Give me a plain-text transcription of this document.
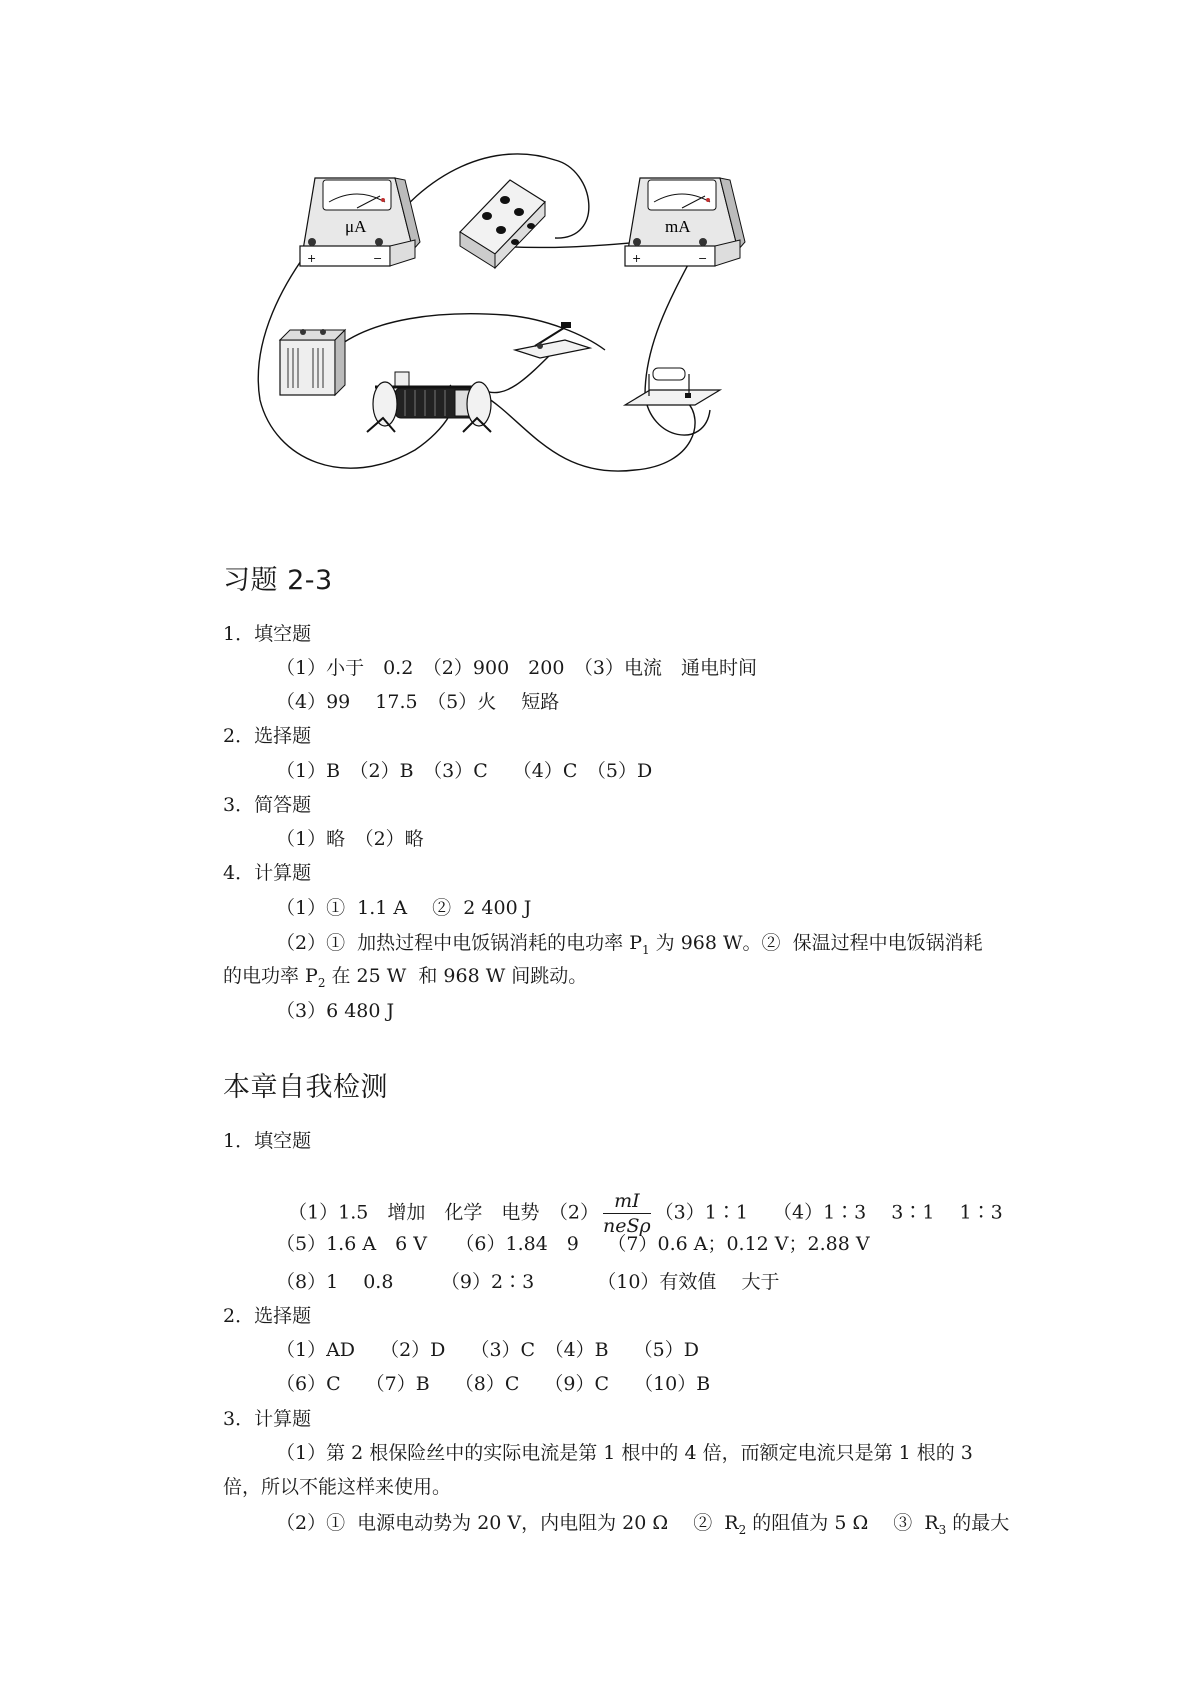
μA
+	−
mA
+	−
习题 2-3
1．填空题
（1）小于　0.2　（2）900　200　（3）电流　通电时间
（4）99　 17.5　（5）火　 短路
2．选择题
（1）B　（2）B　（3）C　 （4）C　（5）D
3．简答题
（1）略　（2）略
4．计算题
（1）①  1.1 A　 ②  2 400 J
（2）①  加热过程中电饭锅消耗的电功率 $P_1$ 为 968 W。②  保温过程中电饭锅消耗
的电功率 $P_2$ 在 25 W  和 968 W 间跳动。
（3）6 480 J
本章自我检测
1．填空题

（1）1.5　增加　化学　电势　$(2) \frac{mI}{\text{neSρ}}$ （3）1∶1　 （4）1∶3　 3∶1　 1∶3

（5）1.6 A　6 V　　（6）1.84　9　　（7）0.6 A；0.12 V；2.88 V
（8）1　 0.8　　　（9）2∶3　　　 （10）有效值　 大于
2．选择题
（1）AD　 （2）D　 （3）C　（4）B　 （5）D
（6）C　 （7）B　 （8）C　 （9）C　 （10）B
3．计算题
（1）第 2 根保险丝中的实际电流是第 1 根中的 4 倍，而额定电流只是第 1 根的 3
倍，所以不能这样来使用。
（2）①  电源电动势为 20 V，内电阻为 20 Ω　 ②  $R_2$ 的阻值为 5 Ω　 ③  $R_3$ 的最大
